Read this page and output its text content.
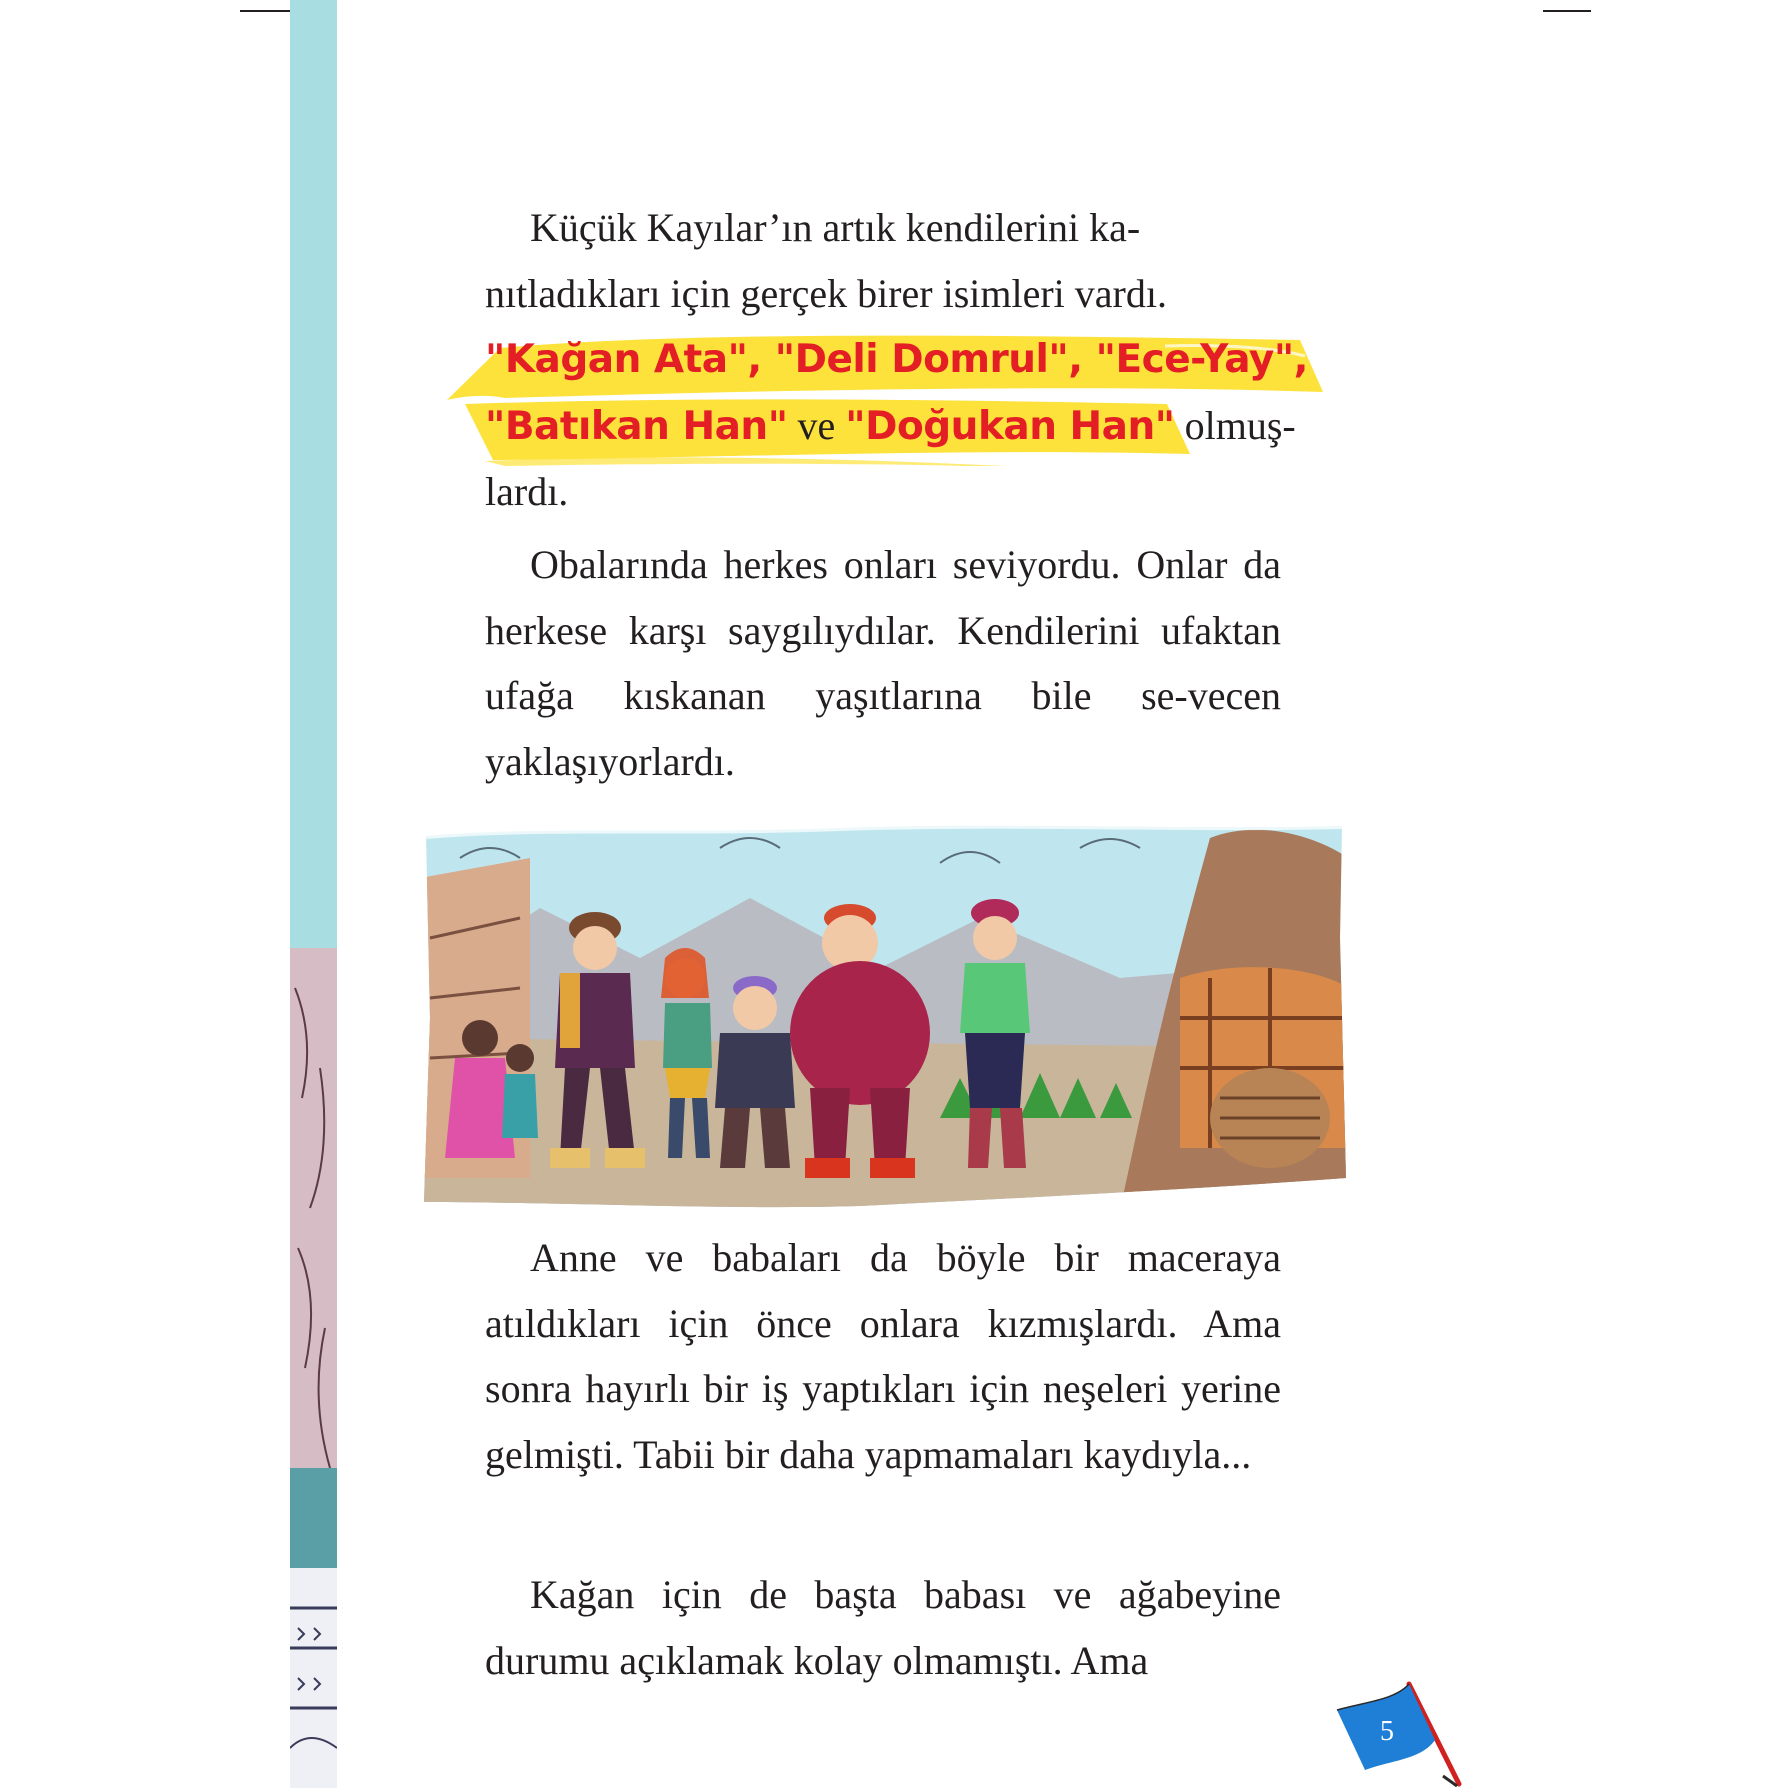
Küçük Kayılar’ın artık kendilerini ka-

nıtladıkları için gerçek birer isimleri vardı.

"Kağan Ata", "Deli Domrul", "Ece-Yay",

"Batıkan Han" ve "Doğukan Han" olmuş-

lardı.

Obalarında herkes onları seviyordu. Onlar da herkese karşı saygılıydılar. Kendilerini ufaktan ufağa kıskanan yaşıtlarına bile se-vecen yaklaşıyorlardı.

Anne ve babaları da böyle bir maceraya atıldıkları için önce onlara kızmışlardı. Ama sonra hayırlı bir iş yaptıkları için neşeleri yerine gelmişti. Tabii bir daha yapmamaları kaydıyla...

Kağan için de başta babası ve ağabeyine durumu açıklamak kolay olmamıştı. Ama

5
